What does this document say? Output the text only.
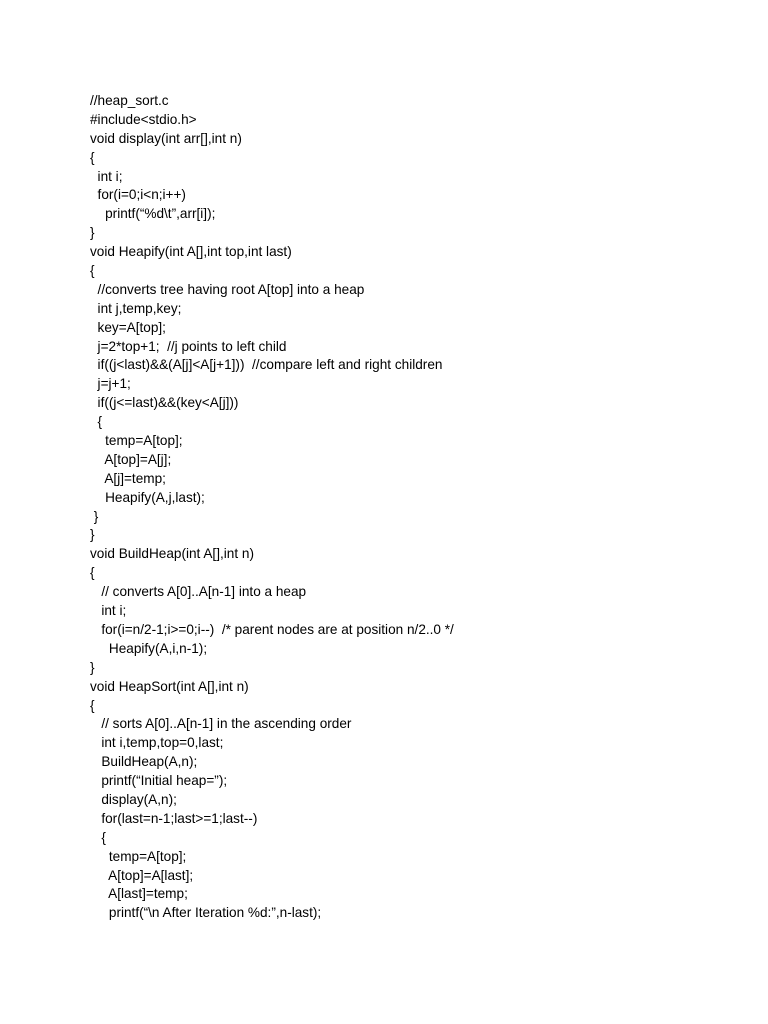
//heap_sort.c
#include<stdio.h>
void display(int arr[],int n)
{
int i;
for(i=0;i<n;i++)
printf(“%d\t”,arr[i]);
}
void Heapify(int A[],int top,int last)
{
//converts tree having root A[top] into a heap
int j,temp,key;
key=A[top];
j=2*top+1;  //j points to left child
if((j<last)&&(A[j]<A[j+1]))  //compare left and right children
j=j+1;
if((j<=last)&&(key<A[j]))
{
temp=A[top];
A[top]=A[j];
A[j]=temp;
Heapify(A,j,last);
}
}
void BuildHeap(int A[],int n)
{
// converts A[0]..A[n-1] into a heap
int i;
for(i=n/2-1;i>=0;i--)  /* parent nodes are at position n/2..0 */
Heapify(A,i,n-1);
}
void HeapSort(int A[],int n)
{
// sorts A[0]..A[n-1] in the ascending order
int i,temp,top=0,last;
BuildHeap(A,n);
printf(“Initial heap=”);
display(A,n);
for(last=n-1;last>=1;last--)
{
temp=A[top];
A[top]=A[last];
A[last]=temp;
printf(“\n After Iteration %d:”,n-last);
